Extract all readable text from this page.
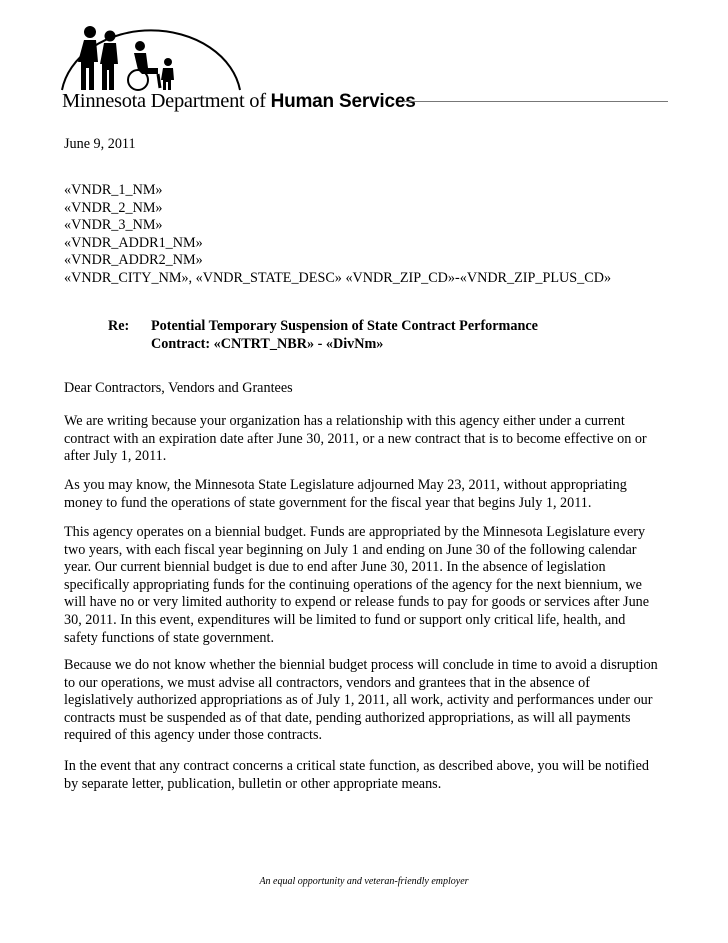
Minnesota Department of Human Services
June 9, 2011
«VNDR_1_NM»
«VNDR_2_NM»
«VNDR_3_NM»
«VNDR_ADDR1_NM»
«VNDR_ADDR2_NM»
«VNDR_CITY_NM», «VNDR_STATE_DESC» «VNDR_ZIP_CD»-«VNDR_ZIP_PLUS_CD»
Re: Potential Temporary Suspension of State Contract Performance
Contract: «CNTRT_NBR» - «DivNm»
Dear Contractors, Vendors and Grantees
We are writing because your organization has a relationship with this agency either under a current
contract with an expiration date after June 30, 2011, or a new contract that is to become effective on or
after July 1, 2011.
As you may know, the Minnesota State Legislature adjourned May 23, 2011, without appropriating
money to fund the operations of state government for the fiscal year that begins July 1, 2011.
This agency operates on a biennial budget. Funds are appropriated by the Minnesota Legislature every
two years, with each fiscal year beginning on July 1 and ending on June 30 of the following calendar
year. Our current biennial budget is due to end after June 30, 2011. In the absence of legislation
specifically appropriating funds for the continuing operations of the agency for the next biennium, we
will have no or very limited authority to expend or release funds to pay for goods or services after June
30, 2011. In this event, expenditures will be limited to fund or support only critical life, health, and
safety functions of state government.
Because we do not know whether the biennial budget process will conclude in time to avoid a disruption
to our operations, we must advise all contractors, vendors and grantees that in the absence of
legislatively authorized appropriations as of July 1, 2011, all work, activity and performances under our
contracts must be suspended as of that date, pending authorized appropriations, as will all payments
required of this agency under those contracts.
In the event that any contract concerns a critical state function, as described above, you will be notified
by separate letter, publication, bulletin or other appropriate means.
An equal opportunity and veteran-friendly employer
